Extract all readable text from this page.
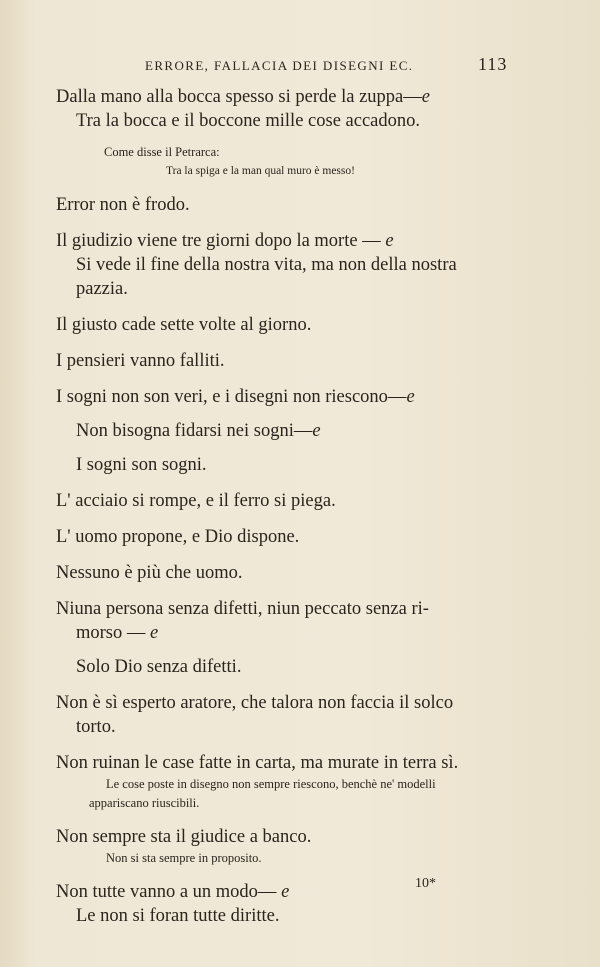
ERRORE, FALLACIA DEI DISEGNI EC.	113
Dalla mano alla bocca spesso si perde la zuppa—e
Tra la bocca e il boccone mille cose accadono.
Come disse il Petrarca:
Tra la spiga e la man qual muro è messo!
Error non è frodo.
Il giudizio viene tre giorni dopo la morte — e
Si vede il fine della nostra vita, ma non della nostra
pazzia.
Il giusto cade sette volte al giorno.
I pensieri vanno falliti.
I sogni non son veri, e i disegni non riescono—e
Non bisogna fidarsi nei sogni—e
I sogni son sogni.
L' acciaio si rompe, e il ferro si piega.
L' uomo propone, e Dio dispone.
Nessuno è più che uomo.
Niuna persona senza difetti, niun peccato senza ri-
morso — e
Solo Dio senza difetti.
Non è sì esperto aratore, che talora non faccia il solco
torto.
Non ruinan le case fatte in carta, ma murate in terra sì.
Le cose poste in disegno non sempre riescono, benchè ne' modelli
appariscano riuscibili.
Non sempre sta il giudice a banco.
Non si sta sempre in proposito.
Non tutte vanno a un modo— e
Le non si foran tutte diritte.
10*
